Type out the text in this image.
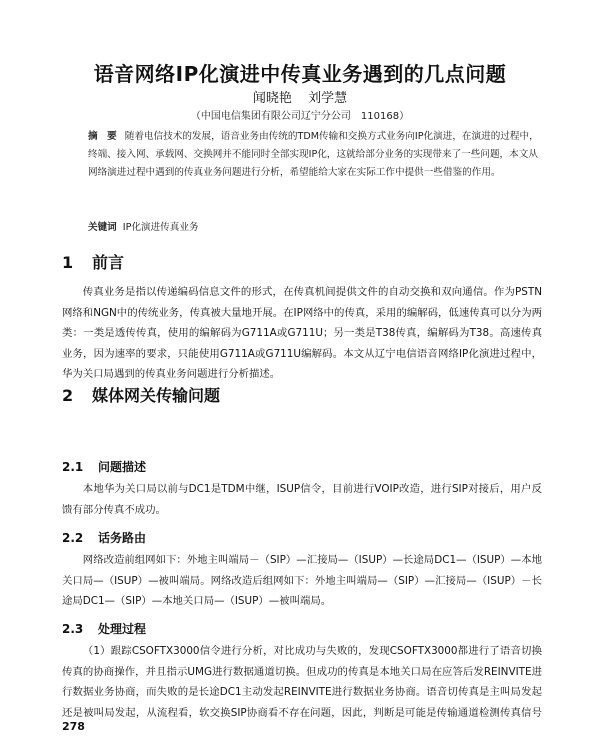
语音网络IP化演进中传真业务遇到的几点问题
闻晓艳 刘学慧
（中国电信集团有限公司辽宁分公司　110168）
摘　要 随着电信技术的发展，语音业务由传统的TDM传输和交换方式业务向IP化演进，在演进的过程中，终端、接入网、承载网、交换网并不能同时全部实现IP化，这就给部分业务的实现带来了一些问题，本文从网络演进过程中遇到的传真业务问题进行分析，希望能给大家在实际工作中提供一些借鉴的作用。
关键词 IP化演进传真业务
1 前言
传真业务是指以传递编码信息文件的形式，在传真机间提供文件的自动交换和双向通信。作为PSTN网络和NGN中的传统业务，传真被大量地开展。在IP网络中的传真，采用的编解码，低速传真可以分为两类：一类是透传传真，使用的编解码为G711A或G711U；另一类是T38传真，编解码为T38。高速传真业务，因为速率的要求，只能使用G711A或G711U编解码。本文从辽宁电信语音网络IP化演进过程中，华为关口局遇到的传真业务问题进行分析描述。
2 媒体网关传输问题
2.1 问题描述
本地华为关口局以前与DC1是TDM中继，ISUP信令，目前进行VOIP改造，进行SIP对接后，用户反馈有部分传真不成功。
2.2 话务路由
网络改造前组网如下：外地主叫端局－（SIP）—汇接局—（ISUP）—长途局DC1—（ISUP）—本地关口局—（ISUP）—被叫端局。网络改造后组网如下：外地主叫端局—（SIP）—汇接局—（ISUP）－长途局DC1—（SIP）—本地关口局—（ISUP）—被叫端局。
2.3 处理过程
（1）跟踪CSOFTX3000信令进行分析，对比成功与失败的，发现CSOFTX3000都进行了语音切换传真的协商操作，并且指示UMG进行数据通道切换。但成功的传真是本地关口局在应答后发REINVITE进行数据业务协商，而失败的是长途DC1主动发起REINVITE进行数据业务协商。语音切传真是主叫局发起还是被叫局发起，从流程看，软交换SIP协商看不存在问题，因此，判断是可能是传输通道检测传真信号
278
